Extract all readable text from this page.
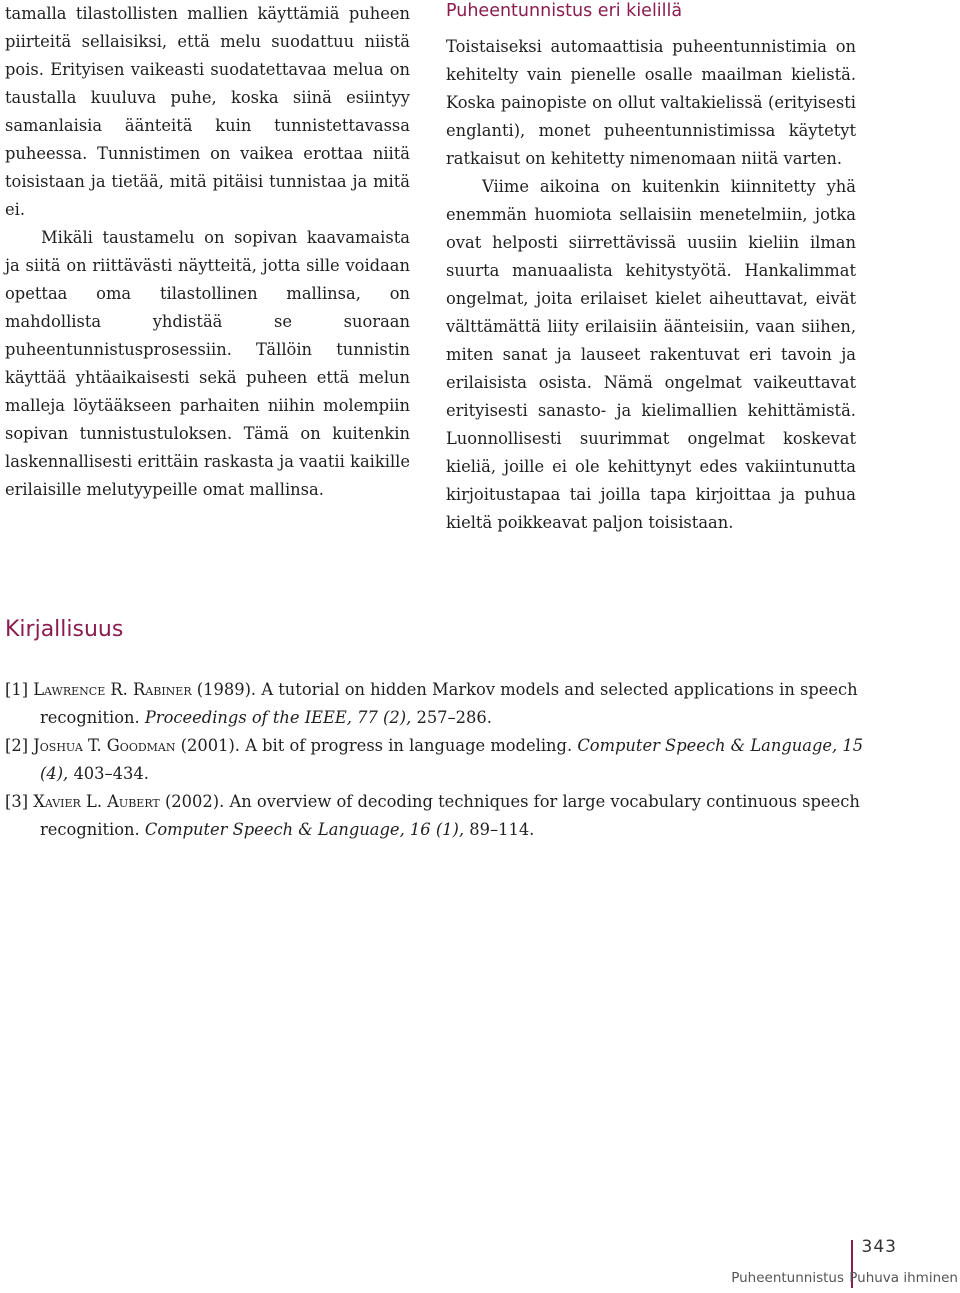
tamalla tilastollisten mallien käyttämiä puheen piirteitä sellaisiksi, että melu suodattuu niistä pois. Erityisen vaikeasti suodatettavaa melua on taustalla kuuluva puhe, koska siinä esiintyy samanlaisia äänteitä kuin tunnistettavassa puheessa. Tunnistimen on vaikea erottaa niitä toisistaan ja tietää, mitä pitäisi tunnistaa ja mitä ei.

Mikäli taustamelu on sopivan kaavamaista ja siitä on riittävästi näytteitä, jotta sille voidaan opettaa oma tilastollinen mallinsa, on mahdollista yhdistää se suoraan puheentunnistusprosessiin. Tällöin tunnistin käyttää yhtäaikaisesti sekä puheen että melun malleja löytääkseen parhaiten niihin molempiin sopivan tunnistustuloksen. Tämä on kuitenkin laskennallisesti erittäin raskasta ja vaatii kaikille erilaisille melutyypeille omat mallinsa.

Puheentunnistus eri kielillä

Toistaiseksi automaattisia puheentunnistimia on kehitelty vain pienelle osalle maailman kielistä. Koska painopiste on ollut valtakielissä (erityisesti englanti), monet puheentunnistimissa käytetyt ratkaisut on kehitetty nimenomaan niitä varten.

Viime aikoina on kuitenkin kiinnitetty yhä enemmän huomiota sellaisiin menetelmiin, jotka ovat helposti siirrettävissä uusiin kieliin ilman suurta manuaalista kehitystyötä. Hankalimmat ongelmat, joita erilaiset kielet aiheuttavat, eivät välttämättä liity erilaisiin äänteisiin, vaan siihen, miten sanat ja lauseet rakentuvat eri tavoin ja erilaisista osista. Nämä ongelmat vaikeuttavat erityisesti sanasto- ja kielimallien kehittämistä. Luonnollisesti suurimmat ongelmat koskevat kieliä, joille ei ole kehittynyt edes vakiintunutta kirjoitustapaa tai joilla tapa kirjoittaa ja puhua kieltä poikkeavat paljon toisistaan.

Kirjallisuus
[1] Lawrence R. Rabiner (1989). A tutorial on hidden Markov models and selected applications in speech recognition. Proceedings of the IEEE, 77 (2), 257–286.
[2] Joshua T. Goodman (2001). A bit of progress in language modeling. Computer Speech & Language, 15 (4), 403–434.
[3] Xavier L. Aubert (2002). An overview of decoding techniques for large vocabulary continuous speech recognition. Computer Speech & Language, 16 (1), 89–114.
343
Puheentunnistus Puhuva ihminen
